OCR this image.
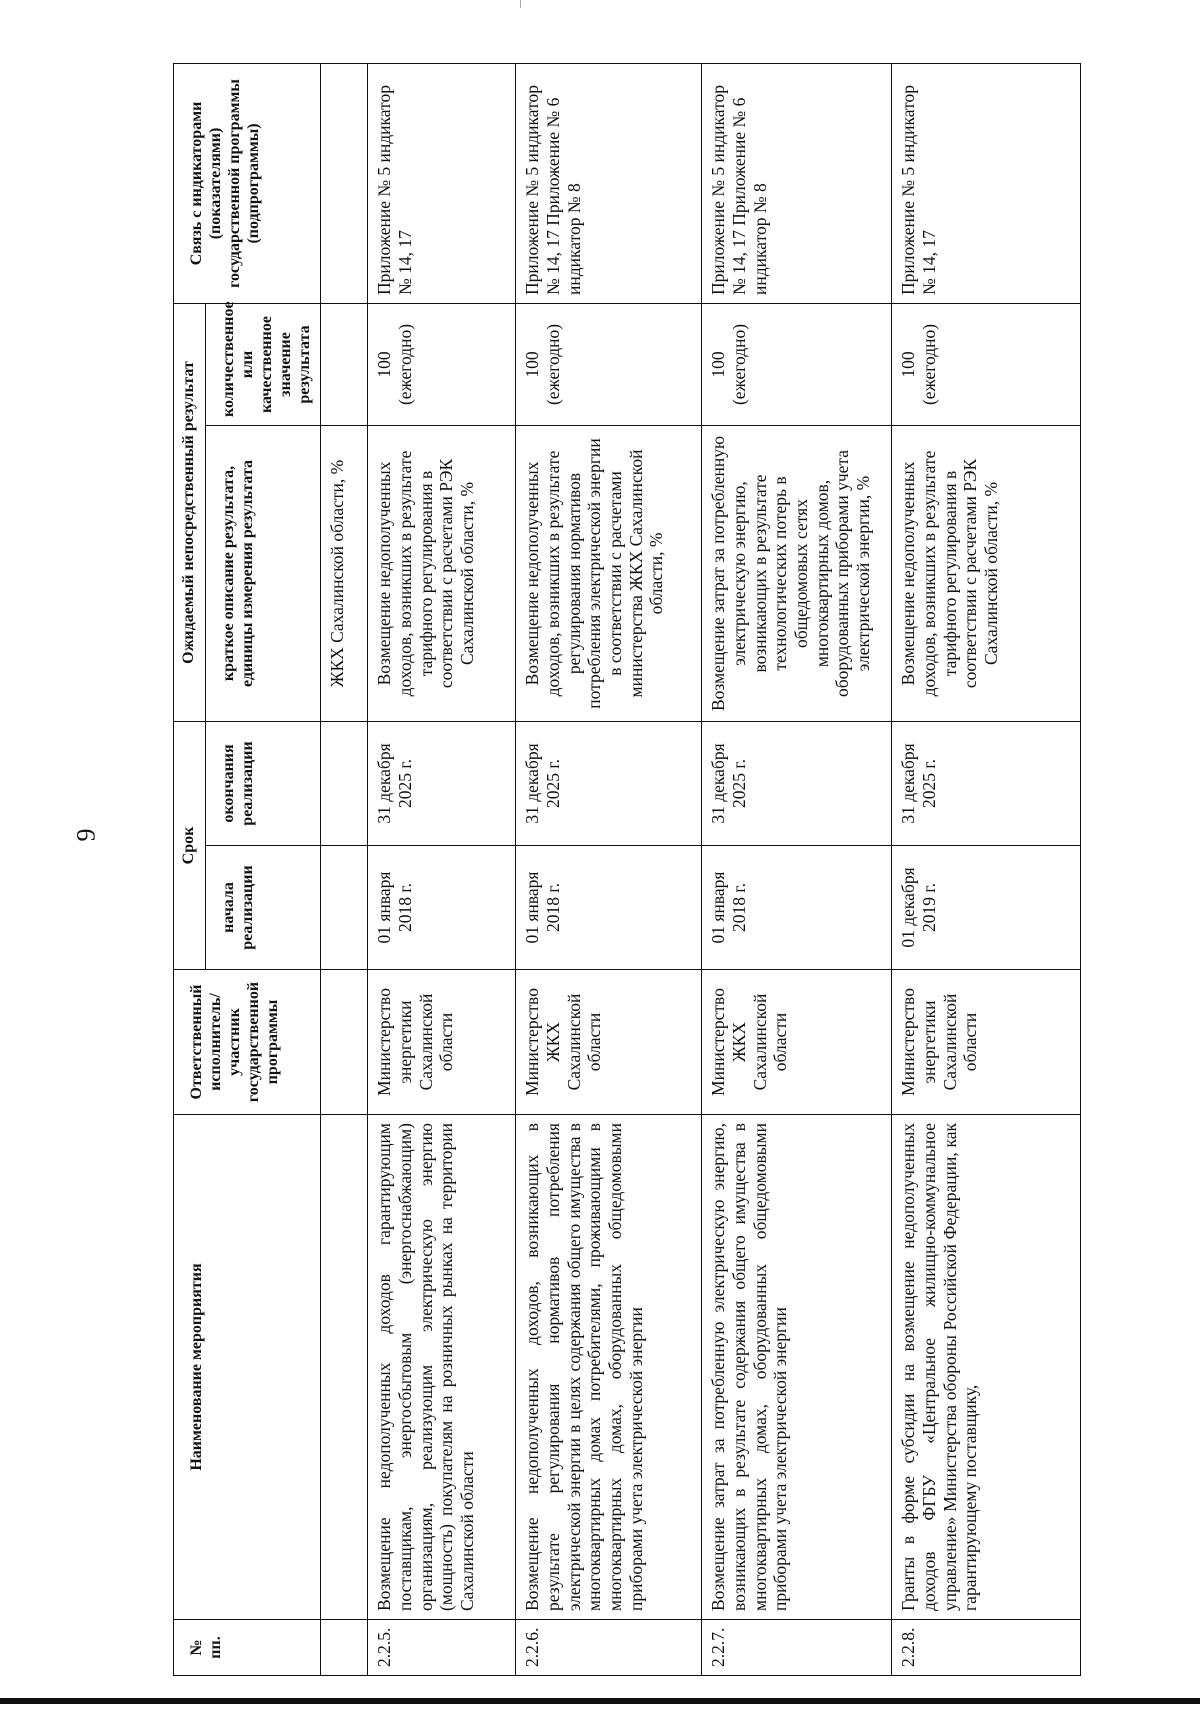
9
№
пп.	Наименование мероприятия	Ответственный исполнитель/ участник государственной программы	Срок		Ожидаемый непосредственный результат		Связь с индикаторами (показателями) государственной программы (подпрограммы)
			начала реализации	окончания реализации	краткое описание результата, единицы измерения результата	количественное или качественное значение результата	
					ЖКХ Сахалинской области, %		
2.2.5.	Возмещение недополученных доходов гарантирующим поставщикам, энергосбытовым (энергоснабжающим) организациям, реализующим электрическую энергию (мощность) покупателям на розничных рынках на территории Сахалинской области	Министерство энергетики Сахалинской области	01 января 2018 г.	31 декабря 2025 г.	Возмещение недополученных доходов, возникших в результате тарифного регулирования в соответствии с расчетами РЭК Сахалинской области, %	100 (ежегодно)	Приложение № 5 индикатор № 14, 17
2.2.6.	Возмещение недополученных доходов, возникающих в результате регулирования нормативов потребления электрической энергии в целях содержания общего имущества в многоквартирных домах потребителями, проживающими в многоквартирных домах, оборудованных общедомовыми приборами учета электрической энергии	Министерство ЖКХ Сахалинской области	01 января 2018 г.	31 декабря 2025 г.	Возмещение недополученных доходов, возникших в результате регулирования нормативов потребления электрической энергии в соответствии с расчетами министерства ЖКХ Сахалинской области, %	100 (ежегодно)	Приложение № 5 индикатор № 14, 17 Приложение № 6 индикатор № 8
2.2.7.	Возмещение затрат за потребленную электрическую энергию, возникающих в результате содержания общего имущества в многоквартирных домах, оборудованных общедомовыми приборами учета электрической энергии	Министерство ЖКХ Сахалинской области	01 января 2018 г.	31 декабря 2025 г.	Возмещение затрат за потребленную электрическую энергию, возникающих в результате технологических потерь в общедомовых сетях многоквартирных домов, оборудованных приборами учета электрической энергии, %	100 (ежегодно)	Приложение № 5 индикатор № 14, 17 Приложение № 6 индикатор № 8
2.2.8.	Гранты в форме субсидии на возмещение недополученных доходов ФГБУ «Центральное жилищно-коммунальное управление» Министерства обороны Российской Федерации, как гарантирующему поставщику,	Министерство энергетики Сахалинской области	01 декабря 2019 г.	31 декабря 2025 г.	Возмещение недополученных доходов, возникших в результате тарифного регулирования в соответствии с расчетами РЭК Сахалинской области, %	100 (ежегодно)	Приложение № 5 индикатор № 14, 17
